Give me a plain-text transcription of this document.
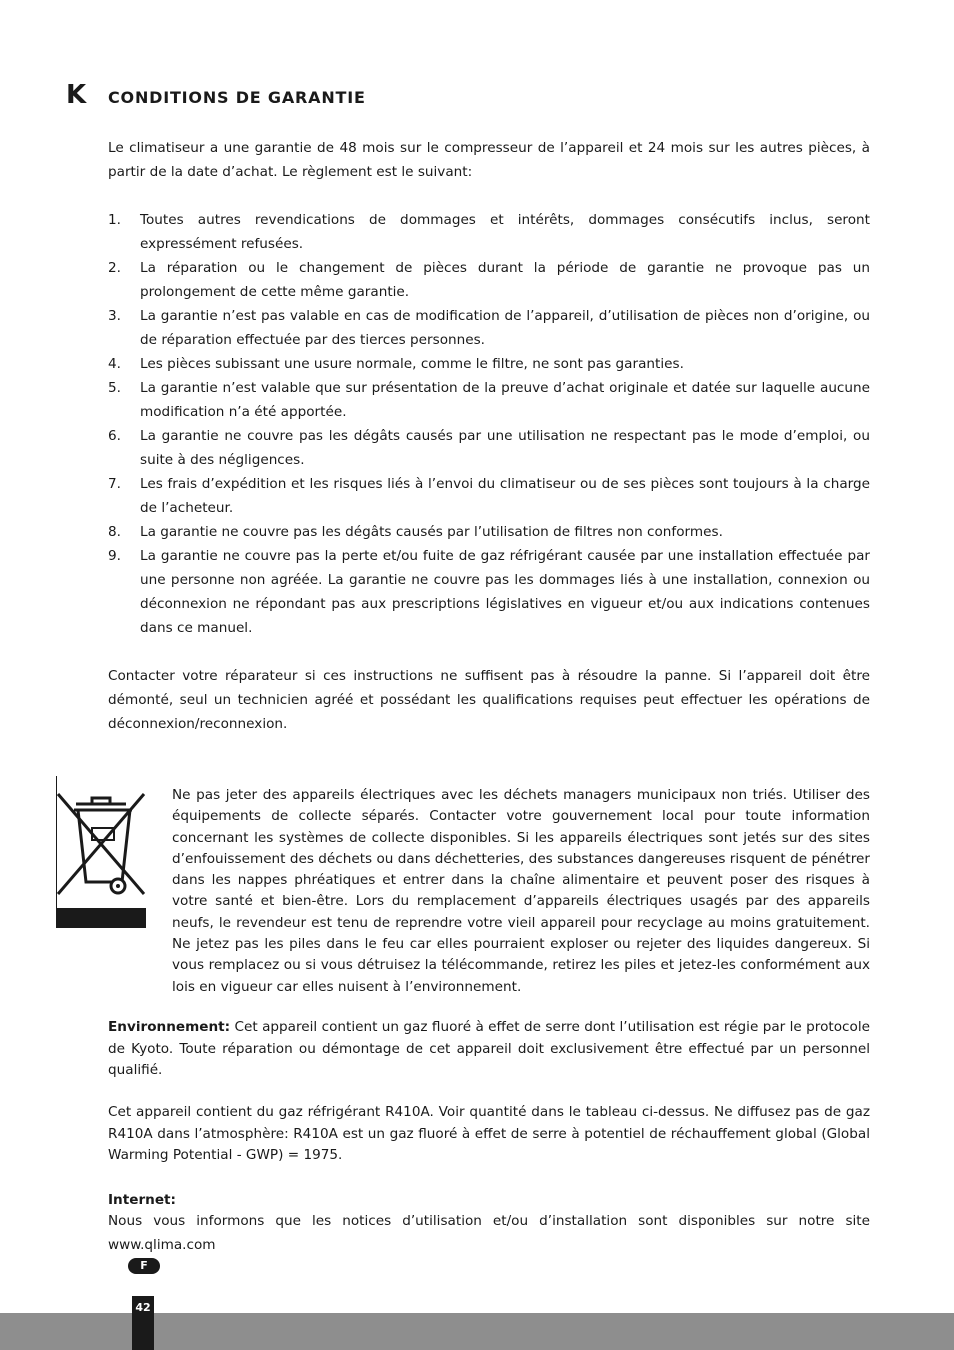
K CONDITIONS DE GARANTIE
Le climatiseur a une garantie de 48 mois sur le compresseur de l’appareil et 24 mois sur les autres pièces, à partir de la date d’achat. Le règlement est le suivant:
1. Toutes autres revendications de dommages et intérêts, dommages consécutifs inclus, seront expressément refusées.
2. La réparation ou le changement de pièces durant la période de garantie ne provoque pas un prolongement de cette même garantie.
3. La garantie n’est pas valable en cas de modification de l’appareil, d’utilisation de pièces non d’origine, ou de réparation effectuée par des tierces personnes.
4. Les pièces subissant une usure normale, comme le filtre, ne sont pas garanties.
5. La garantie n’est valable que sur présentation de la preuve d’achat originale et datée sur laquelle aucune modification n’a été apportée.
6. La garantie ne couvre pas les dégâts causés par une utilisation ne respectant pas le mode d’emploi, ou suite à des négligences.
7. Les frais d’expédition et les risques liés à l’envoi du climatiseur ou de ses pièces sont toujours à la charge de l’acheteur.
8. La garantie ne couvre pas les dégâts causés par l’utilisation de filtres non conformes.
9. La garantie ne couvre pas la perte et/ou fuite de gaz réfrigérant causée par une installation effectuée par une personne non agréée. La garantie ne couvre pas les dommages liés à une installation, connexion ou déconnexion ne répondant pas aux prescriptions législatives en vigueur et/ou aux indications contenues dans ce manuel.
Contacter votre réparateur si ces instructions ne suffisent pas à résoudre la panne. Si l’appareil doit être démonté, seul un technicien agréé et possédant les qualifications requises peut effectuer les opérations de déconnexion/reconnexion.
Ne pas jeter des appareils électriques avec les déchets managers municipaux non triés. Utiliser des équipements de collecte séparés. Contacter votre gouvernement local pour toute information concernant les systèmes de collecte disponibles. Si les appareils électriques sont jetés sur des sites d’enfouissement des déchets ou dans déchetteries, des substances dangereuses risquent de pénétrer dans les nappes phréatiques et entrer dans la chaîne alimentaire et peuvent poser des risques à votre santé et bien-être. Lors du remplacement d’appareils électriques usagés par des appareils neufs, le revendeur est tenu de reprendre votre vieil appareil pour recyclage au moins gratuitement. Ne jetez pas les piles dans le feu car elles pourraient exploser ou rejeter des liquides dangereux. Si vous remplacez ou si vous détruisez la télécommande, retirez les piles et jetez-les conformément aux lois en vigueur car elles nuisent à l’environnement.
Environnement: Cet appareil contient un gaz fluoré à effet de serre dont l’utilisation est régie par le protocole de Kyoto. Toute réparation ou démontage de cet appareil doit exclusivement être effectué par un personnel qualifié.
Cet appareil contient du gaz réfrigérant R410A. Voir quantité dans le tableau ci-dessus. Ne diffusez pas de gaz R410A dans l’atmosphère: R410A est un gaz fluoré à effet de serre à potentiel de réchauffement global (Global Warming Potential - GWP) = 1975.
Internet:
Nous vous informons que les notices d’utilisation et/ou d’installation sont disponibles sur notre site www.qlima.com
F
42
